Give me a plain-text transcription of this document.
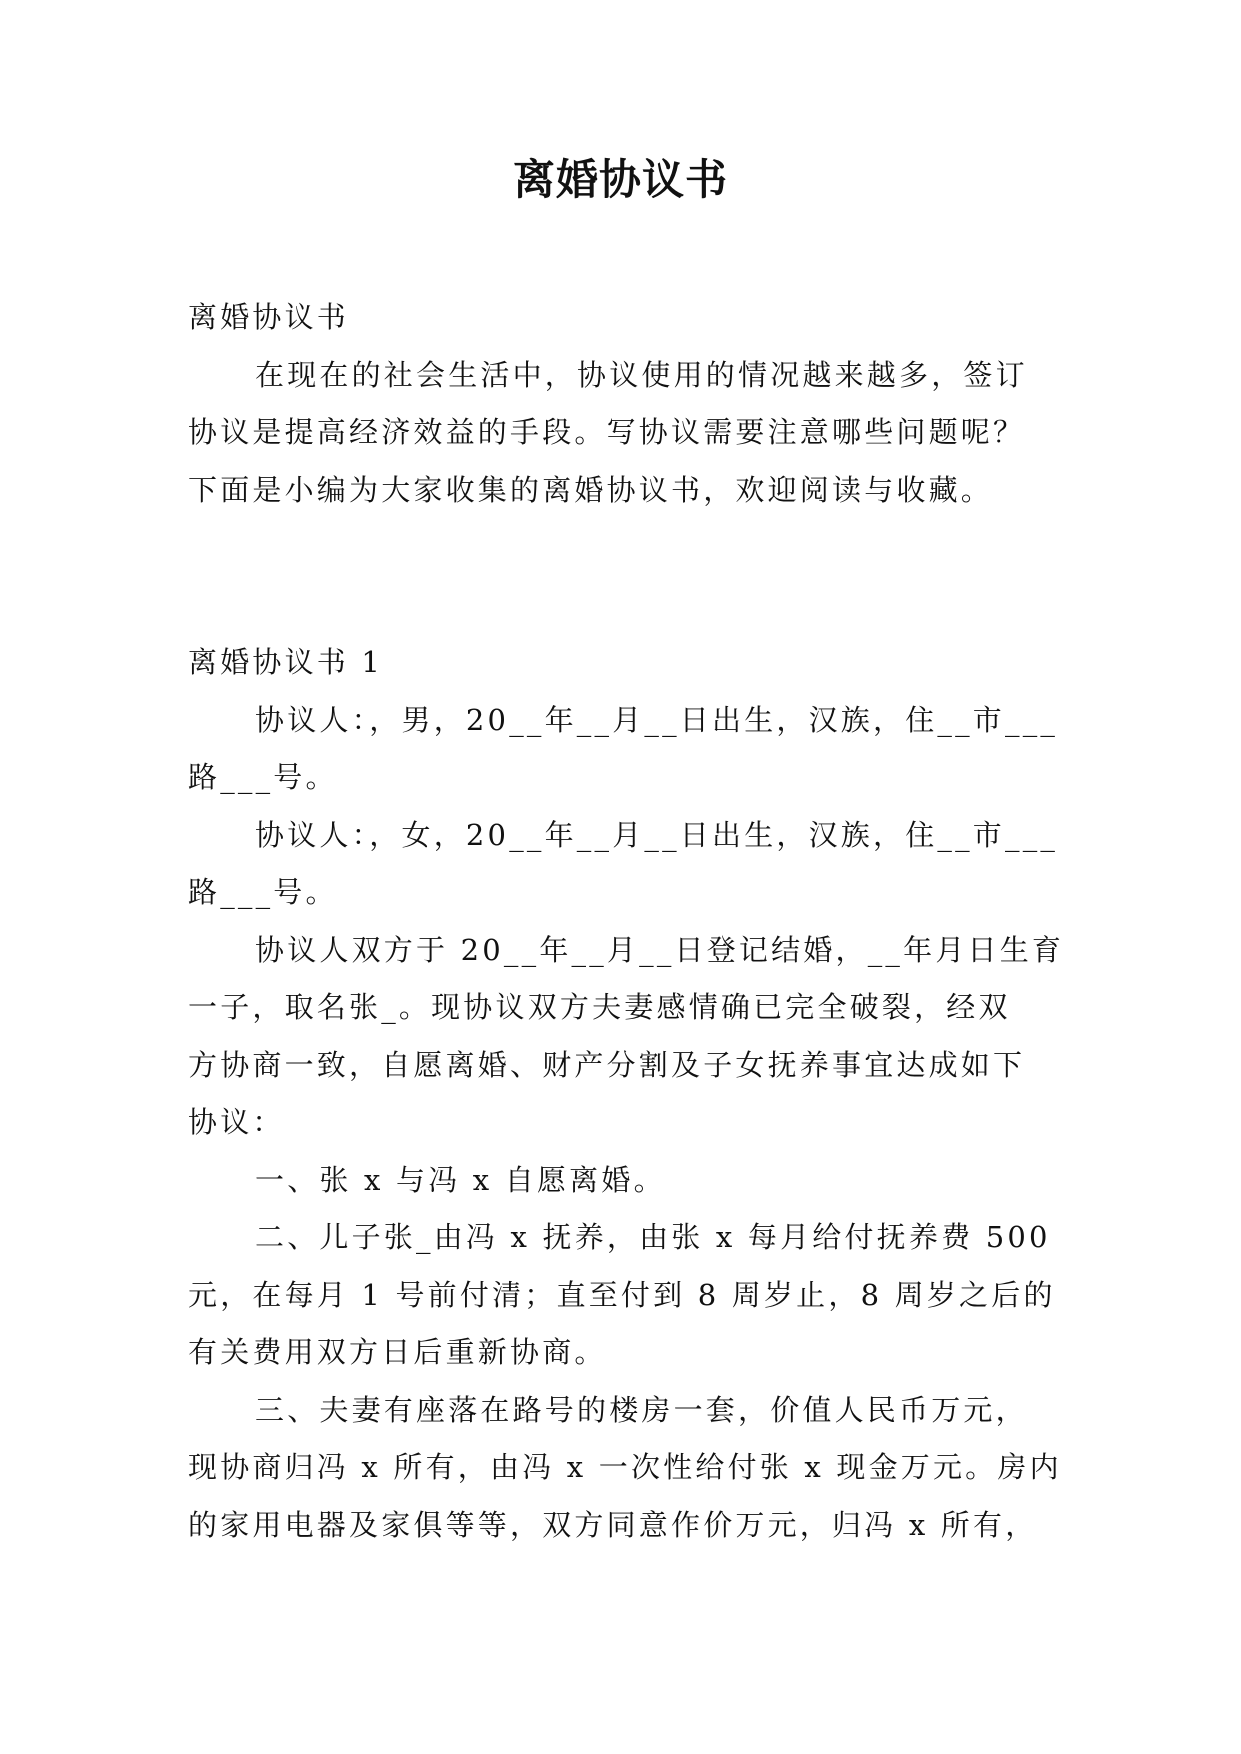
离婚协议书
离婚协议书
在现在的社会生活中，协议使用的情况越来越多，签订
协议是提高经济效益的手段。写协议需要注意哪些问题呢？
下面是小编为大家收集的离婚协议书，欢迎阅读与收藏。
离婚协议书 1
协议人：，男，20__年__月__日出生，汉族，住__市___
路___号。
协议人：，女，20__年__月__日出生，汉族，住__市___
路___号。
协议人双方于 20__年__月__日登记结婚，__年月日生育
一子，取名张_。现协议双方夫妻感情确已完全破裂，经双
方协商一致，自愿离婚、财产分割及子女抚养事宜达成如下
协议：
一、张 x 与冯 x 自愿离婚。
二、儿子张_由冯 x 抚养，由张 x 每月给付抚养费 500
元，在每月 1 号前付清；直至付到 8 周岁止，8 周岁之后的
有关费用双方日后重新协商。
三、夫妻有座落在路号的楼房一套，价值人民币万元，
现协商归冯 x 所有，由冯 x 一次性给付张 x 现金万元。房内
的家用电器及家俱等等，双方同意作价万元，归冯 x 所有，
